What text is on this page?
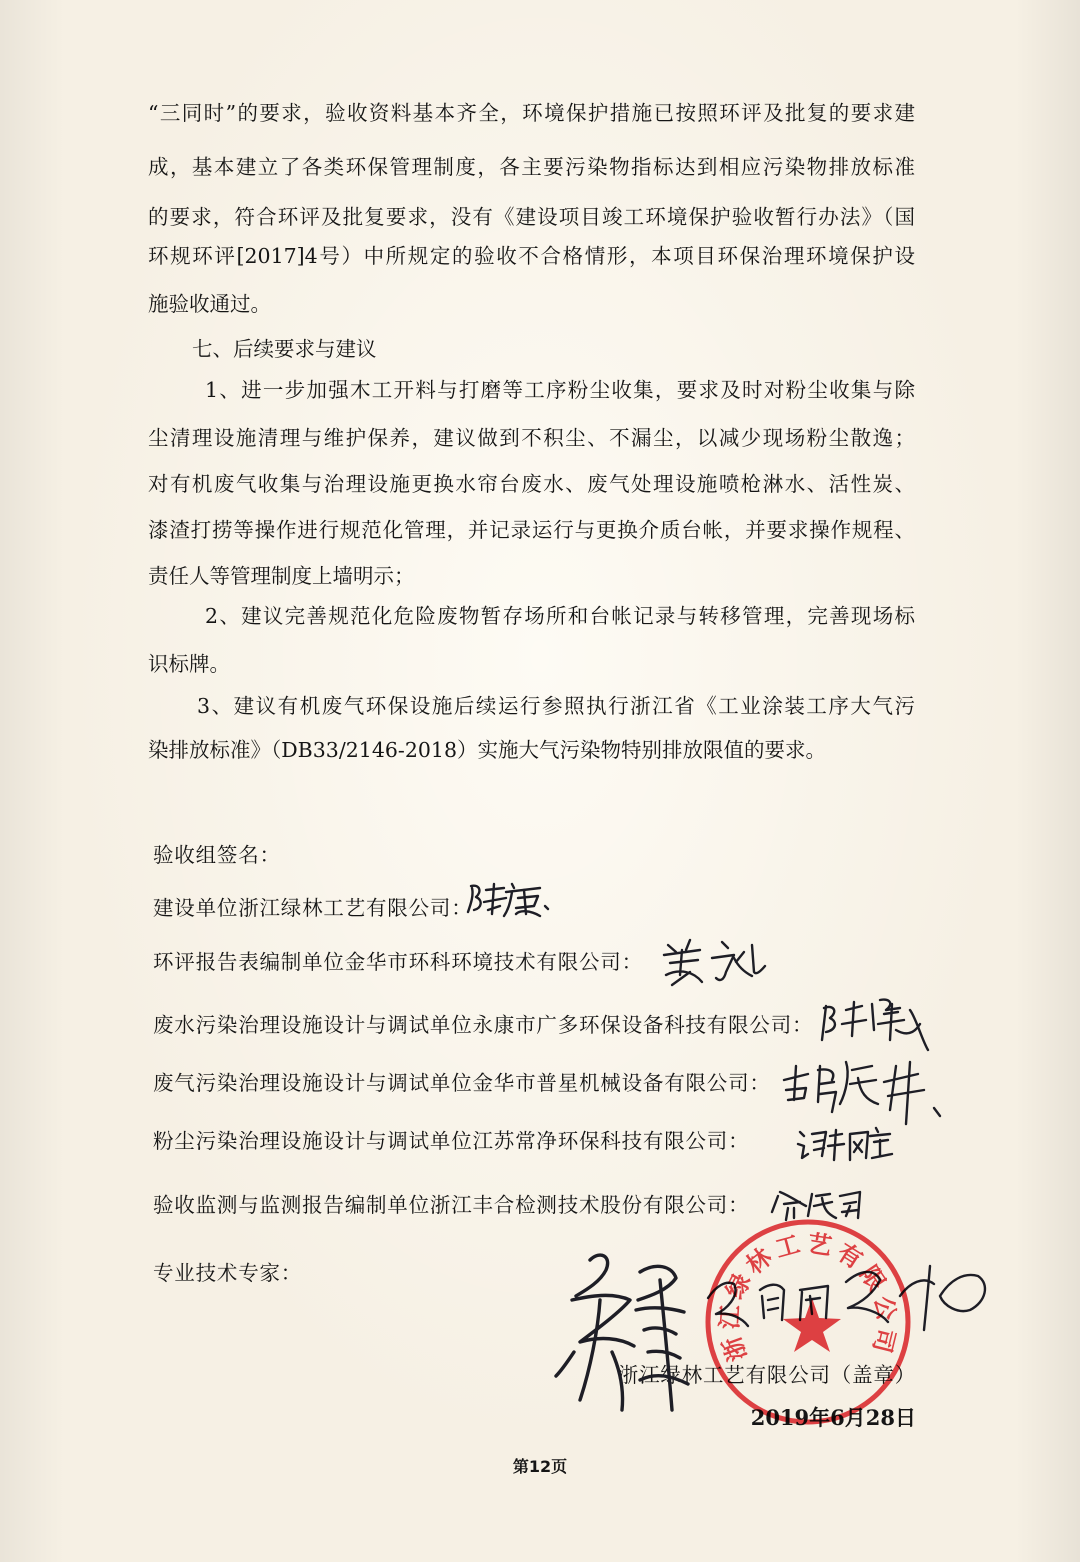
“三同时”的要求，验收资料基本齐全，环境保护措施已按照环评及批复的要求建
成，基本建立了各类环保管理制度，各主要污染物指标达到相应污染物排放标准
的要求，符合环评及批复要求，没有《建设项目竣工环境保护验收暂行办法》（国
环规环评[2017]4号）中所规定的验收不合格情形，本项目环保治理环境保护设
施验收通过。
七、后续要求与建议
1、进一步加强木工开料与打磨等工序粉尘收集，要求及时对粉尘收集与除
尘清理设施清理与维护保养，建议做到不积尘、不漏尘，以减少现场粉尘散逸；
对有机废气收集与治理设施更换水帘台废水、废气处理设施喷枪淋水、活性炭、
漆渣打捞等操作进行规范化管理，并记录运行与更换介质台帐，并要求操作规程、
责任人等管理制度上墙明示；
2、建议完善规范化危险废物暂存场所和台帐记录与转移管理，完善现场标
识标牌。
3、建议有机废气环保设施后续运行参照执行浙江省《工业涂装工序大气污
染排放标准》（DB33/2146-2018）实施大气污染物特别排放限值的要求。
验收组签名：
建设单位浙江绿林工艺有限公司：
环评报告表编制单位金华市环科环境技术有限公司：
废水污染治理设施设计与调试单位永康市广多环保设备科技有限公司：
废气污染治理设施设计与调试单位金华市普星机械设备有限公司：
粉尘污染治理设施设计与调试单位江苏常净环保科技有限公司：
验收监测与监测报告编制单位浙江丰合检测技术股份有限公司：
专业技术专家：
浙江绿林工艺有限公司（盖章）
2019年6月28日
第12页
浙江绿林工艺有限公司
